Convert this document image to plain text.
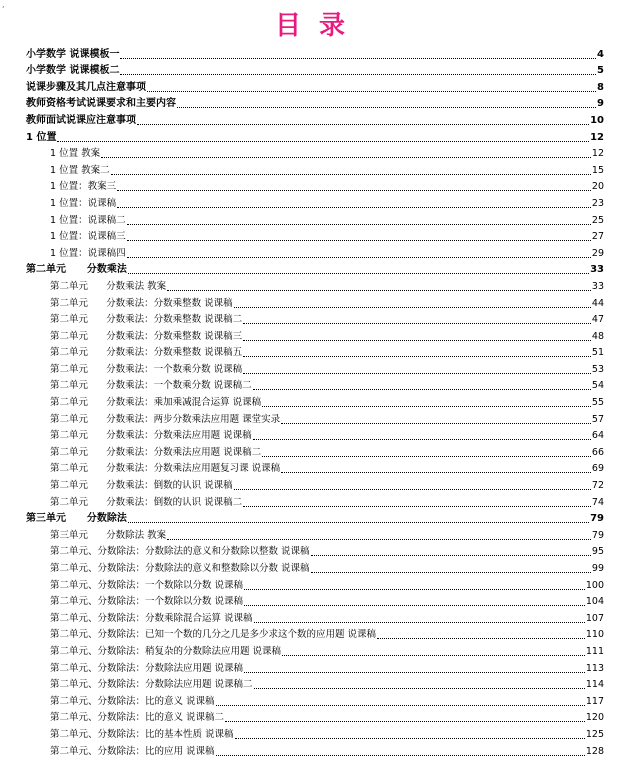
,
目录
小学数学 说课模板一	4
小学数学 说课模板二	5
说课步骤及其几点注意事项	8
教师资格考试说课要求和主要内容	9
教师面试说课应注意事项	10
1 位置	12
1 位置 教案	12
1 位置 教案二	15
1 位置：教案三	20
1 位置：说课稿	23
1 位置：说课稿二	25
1 位置：说课稿三	27
1 位置：说课稿四	29
第二单元      分数乘法	33
第二单元      分数乘法 教案	33
第二单元      分数乘法：分数乘整数 说课稿	44
第二单元      分数乘法：分数乘整数 说课稿二	47
第二单元      分数乘法：分数乘整数 说课稿三	48
第二单元      分数乘法：分数乘整数 说课稿五	51
第二单元      分数乘法：一个数乘分数 说课稿	53
第二单元      分数乘法：一个数乘分数 说课稿二	54
第二单元      分数乘法：乘加乘减混合运算 说课稿	55
第二单元      分数乘法：两步分数乘法应用题 课堂实录	57
第二单元      分数乘法：分数乘法应用题 说课稿	64
第二单元      分数乘法：分数乘法应用题 说课稿二	66
第二单元      分数乘法：分数乘法应用题复习课 说课稿	69
第二单元      分数乘法：倒数的认识 说课稿	72
第二单元      分数乘法：倒数的认识 说课稿二	74
第三单元      分数除法	79
第三单元      分数除法 教案	79
第二单元、分数除法：分数除法的意义和分数除以整数 说课稿	95
第二单元、分数除法：分数除法的意义和整数除以分数 说课稿	99
第二单元、分数除法：一个数除以分数 说课稿	100
第二单元、分数除法：一个数除以分数 说课稿	104
第二单元、分数除法：分数乘除混合运算 说课稿	107
第二单元、分数除法：已知一个数的几分之几是多少求这个数的应用题 说课稿	110
第二单元、分数除法：稍复杂的分数除法应用题 说课稿	111
第二单元、分数除法：分数除法应用题 说课稿	113
第二单元、分数除法：分数除法应用题 说课稿二	114
第二单元、分数除法：比的意义 说课稿	117
第二单元、分数除法：比的意义 说课稿二	120
第二单元、分数除法：比的基本性质 说课稿	125
第二单元、分数除法：比的应用 说课稿	128
